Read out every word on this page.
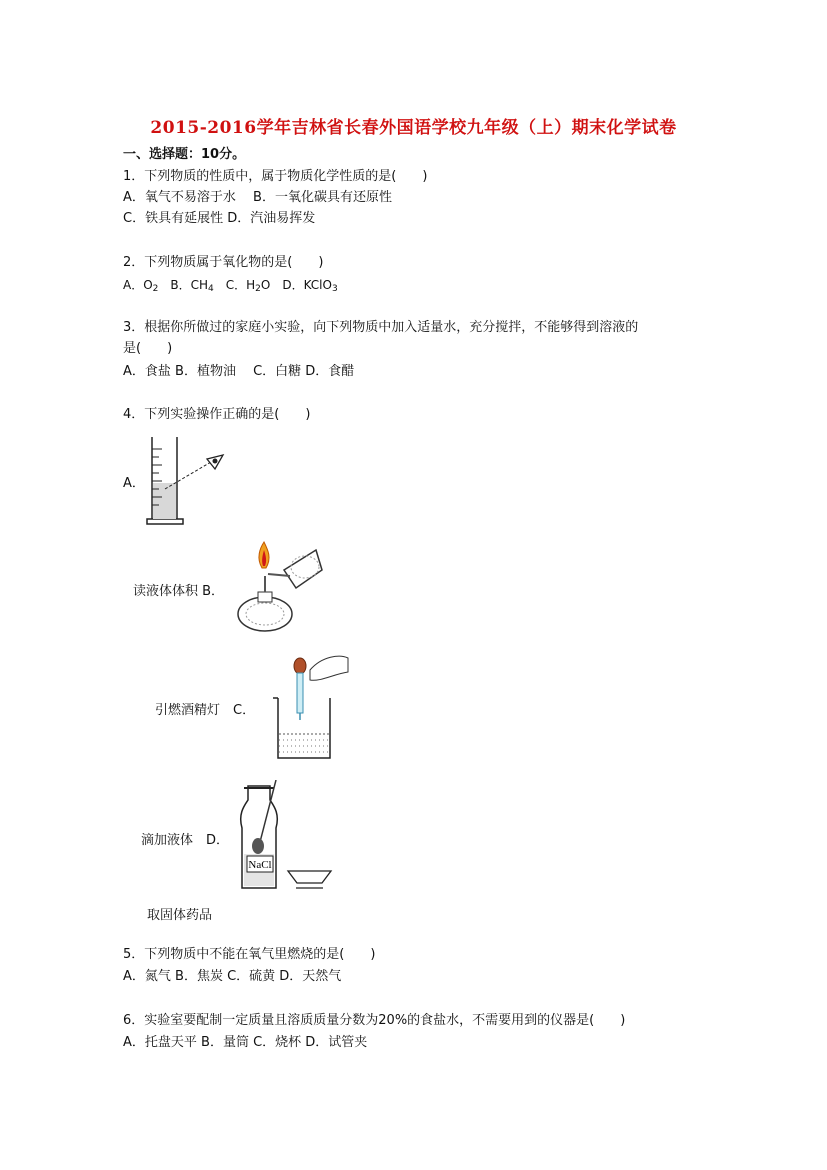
2015-2016学年吉林省长春外国语学校九年级（上）期末化学试卷
一、选择题：10分。
1．下列物质的性质中，属于物质化学性质的是(　　)
A．氧气不易溶于水　 B．一氧化碳具有还原性
C．铁具有延展性 D．汽油易挥发
2．下列物质属于氧化物的是(　　)
A．$O_2$　B．$CH_4$　C．$H_2O$　D．KClO$_3$
3．根据你所做过的家庭小实验，向下列物质中加入适量水，充分搅拌，不能够得到溶液的
是(　　)
A．食盐 B．植物油　 C．白糖 D．食醋
4．下列实验操作正确的是(　　)
A．
读液体体积 B．
引燃酒精灯　C．
滴加液体　D．
NaCl
取固体药品
5．下列物质中不能在氧气里燃烧的是(　　)
A．氮气 B．焦炭 C．硫黄 D．天然气
6．实验室要配制一定质量且溶质质量分数为20%的食盐水，不需要用到的仪器是(　　)
A．托盘天平 B．量筒 C．烧杯 D．试管夹
